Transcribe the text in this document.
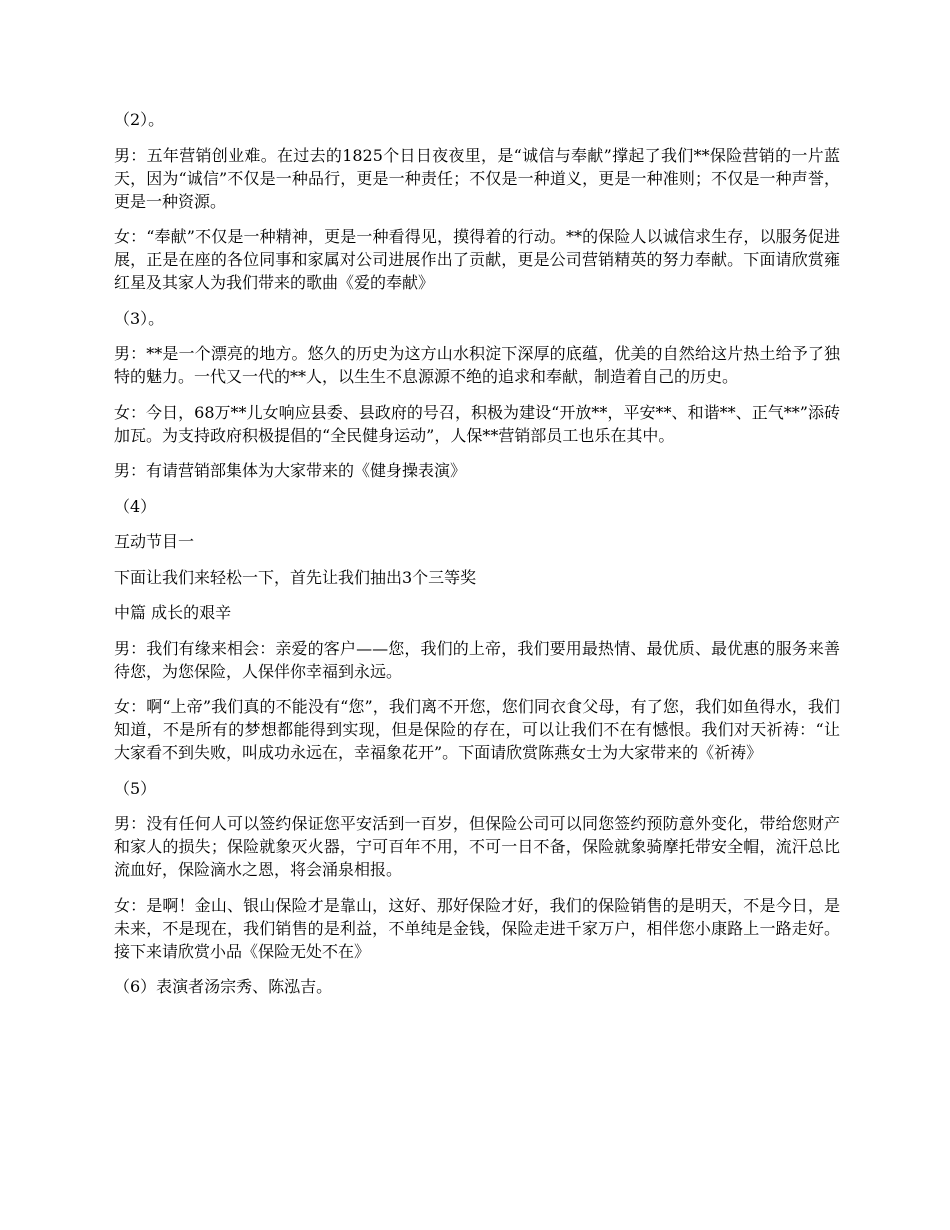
（2）。

男：五年营销创业难。在过去的1825个日日夜夜里，是“诚信与奉献”撑起了我们**保险营销的一片蓝天，因为“诚信”不仅是一种品行，更是一种责任；不仅是一种道义，更是一种准则；不仅是一种声誉，更是一种资源。

女：“奉献”不仅是一种精神，更是一种看得见，摸得着的行动。**的保险人以诚信求生存，以服务促进展，正是在座的各位同事和家属对公司进展作出了贡献，更是公司营销精英的努力奉献。下面请欣赏雍红星及其家人为我们带来的歌曲《爱的奉献》

（3）。

男：**是一个漂亮的地方。悠久的历史为这方山水积淀下深厚的底蕴，优美的自然给这片热土给予了独特的魅力。一代又一代的**人，以生生不息源源不绝的追求和奉献，制造着自己的历史。

女：今日，68万**儿女响应县委、县政府的号召，积极为建设“开放**，平安**、和谐**、正气**”添砖加瓦。为支持政府积极提倡的“全民健身运动”，人保**营销部员工也乐在其中。

男：有请营销部集体为大家带来的《健身操表演》

（4）

互动节目一

下面让我们来轻松一下，首先让我们抽出3个三等奖

中篇 成长的艰辛

男：我们有缘来相会：亲爱的客户——您，我们的上帝，我们要用最热情、最优质、最优惠的服务来善待您，为您保险，人保伴你幸福到永远。

女：啊“上帝”我们真的不能没有“您”，我们离不开您，您们同衣食父母，有了您，我们如鱼得水，我们知道，不是所有的梦想都能得到实现，但是保险的存在，可以让我们不在有憾恨。我们对天祈祷：“让大家看不到失败，叫成功永远在，幸福象花开”。下面请欣赏陈燕女士为大家带来的《祈祷》

（5）

男：没有任何人可以签约保证您平安活到一百岁，但保险公司可以同您签约预防意外变化，带给您财产和家人的损失；保险就象灭火器，宁可百年不用，不可一日不备，保险就象骑摩托带安全帽，流汗总比流血好，保险滴水之恩，将会涌泉相报。

女：是啊！金山、银山保险才是靠山，这好、那好保险才好，我们的保险销售的是明天，不是今日，是未来，不是现在，我们销售的是利益，不单纯是金钱，保险走进千家万户，相伴您小康路上一路走好。接下来请欣赏小品《保险无处不在》

（6）表演者汤宗秀、陈泓吉。
